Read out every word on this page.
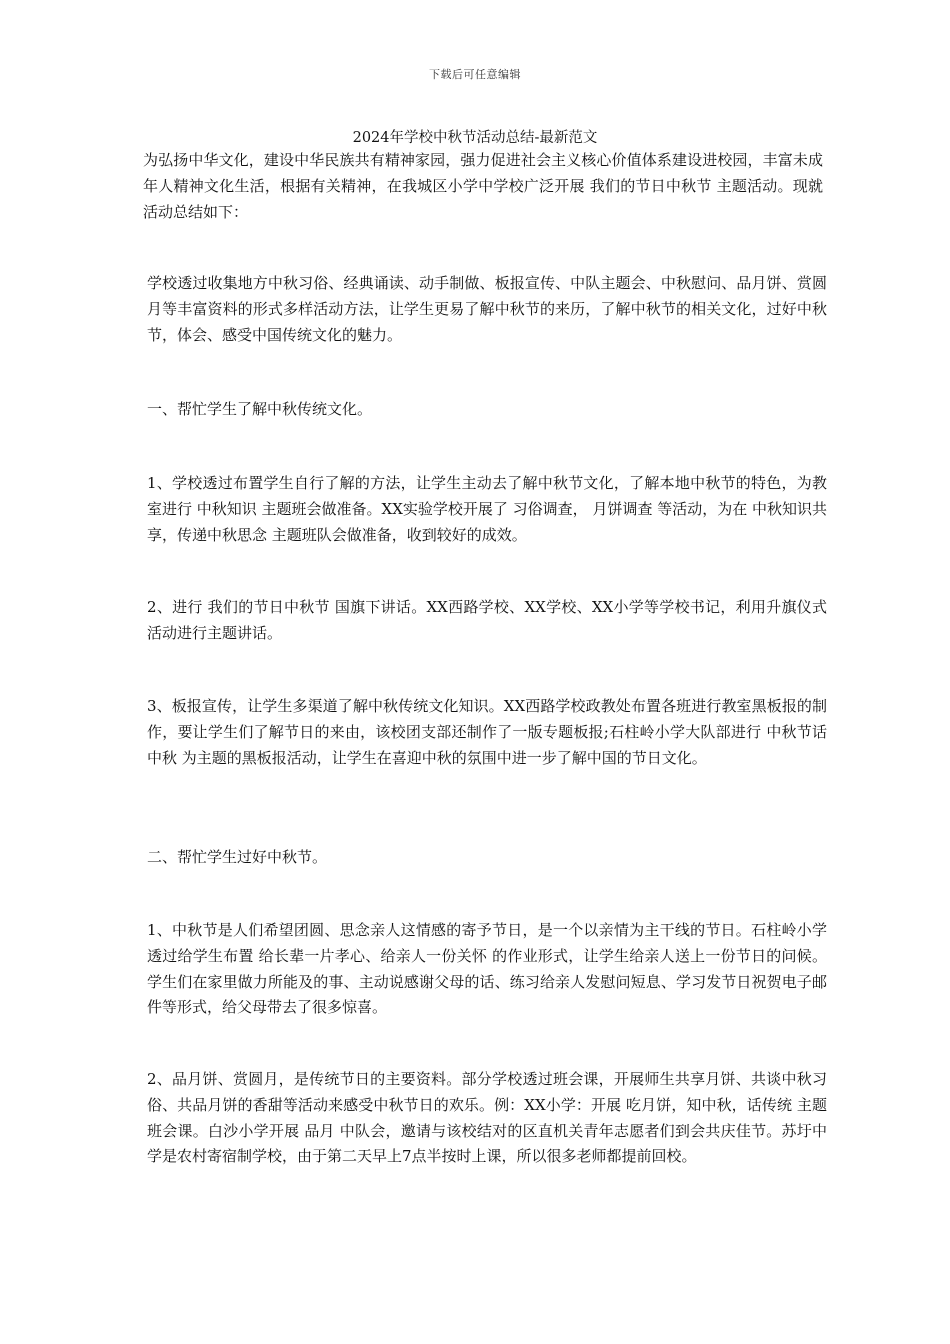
下载后可任意编辑
2024年学校中秋节活动总结-最新范文

为弘扬中华文化，建设中华民族共有精神家园，强力促进社会主义核心价值体系建设进校园，丰富未成年人精神文化生活，根据有关精神，在我城区小学中学校广泛开展 我们的节日中秋节 主题活动。现就活动总结如下：

学校透过收集地方中秋习俗、经典诵读、动手制做、板报宣传、中队主题会、中秋慰问、品月饼、赏圆月等丰富资料的形式多样活动方法，让学生更易了解中秋节的来历，了解中秋节的相关文化，过好中秋节，体会、感受中国传统文化的魅力。

一、帮忙学生了解中秋传统文化。

1、学校透过布置学生自行了解的方法，让学生主动去了解中秋节文化，了解本地中秋节的特色，为教室进行 中秋知识 主题班会做准备。XX实验学校开展了 习俗调查， 月饼调查 等活动，为在 中秋知识共享，传递中秋思念 主题班队会做准备，收到较好的成效。

2、进行 我们的节日中秋节 国旗下讲话。XX西路学校、XX学校、XX小学等学校书记，利用升旗仪式活动进行主题讲话。

3、板报宣传，让学生多渠道了解中秋传统文化知识。XX西路学校政教处布置各班进行教室黑板报的制作，要让学生们了解节日的来由，该校团支部还制作了一版专题板报;石柱岭小学大队部进行 中秋节话中秋 为主题的黑板报活动，让学生在喜迎中秋的氛围中进一步了解中国的节日文化。

二、帮忙学生过好中秋节。

1、中秋节是人们希望团圆、思念亲人这情感的寄予节日，是一个以亲情为主干线的节日。石柱岭小学透过给学生布置 给长辈一片孝心、给亲人一份关怀 的作业形式，让学生给亲人送上一份节日的问候。学生们在家里做力所能及的事、主动说感谢父母的话、练习给亲人发慰问短息、学习发节日祝贺电子邮件等形式，给父母带去了很多惊喜。

2、品月饼、赏圆月，是传统节日的主要资料。部分学校透过班会课，开展师生共享月饼、共谈中秋习俗、共品月饼的香甜等活动来感受中秋节日的欢乐。例：XX小学：开展 吃月饼，知中秋，话传统 主题班会课。白沙小学开展 品月 中队会，邀请与该校结对的区直机关青年志愿者们到会共庆佳节。苏圩中学是农村寄宿制学校，由于第二天早上7点半按时上课，所以很多老师都提前回校。
